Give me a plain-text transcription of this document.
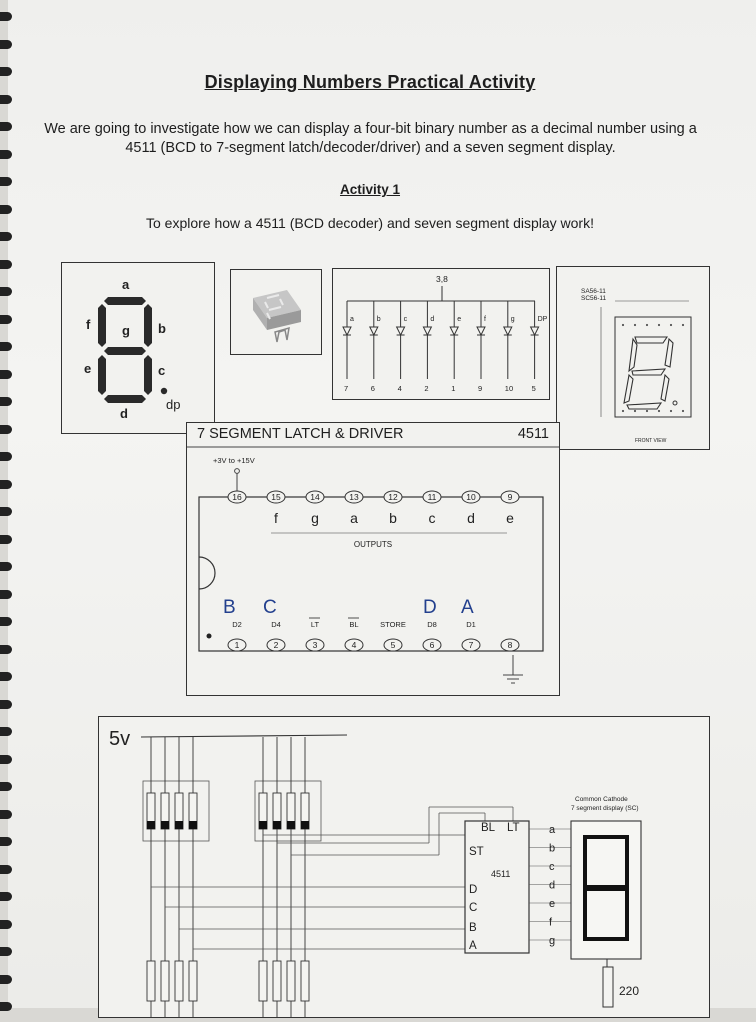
Displaying Numbers Practical Activity
We are going to investigate how we can display a four-bit binary number as a decimal number using a 4511 (BCD to 7-segment latch/decoder/driver) and a seven segment display.
Activity 1
To explore how a 4511 (BCD decoder) and seven segment display work!
a
f	b
g
e	c
d
dp
3,8
a
7
b
6
c
4
d
2
e
1
f
9
g
10
DP
5
SA56-11
SC56-11
FRONT VIEW
7 SEGMENT LATCH & DRIVER	4511
+3V to +15V
OUTPUTS
16
1
D2
15
f
2
D4
14
g
3
LT
13
a
4
BL
12
b
5
STORE
11
c
6
D8
10
d
7
D1
9
e
8
B C	D A
5v
BL LT
4511
ST
D
C
B
A
a
b
c
d
e
f
g
Common Cathode
7 segment display (SC)
220
